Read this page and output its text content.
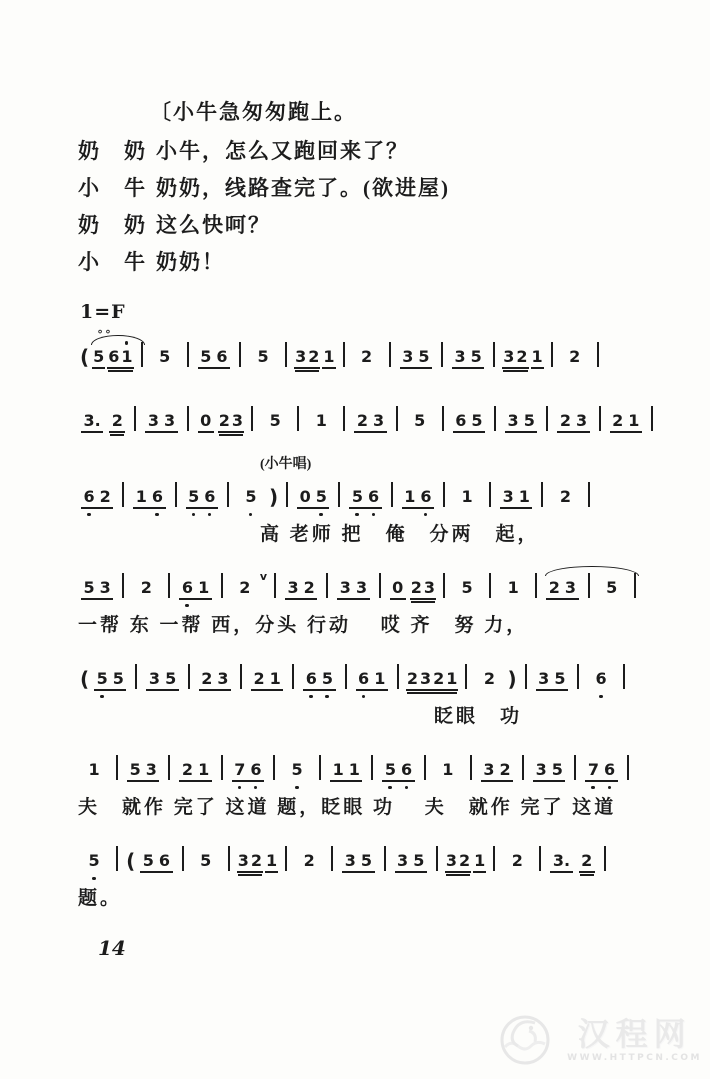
〔小牛急匆匆跑上。
奶　奶 小牛，怎么又跑回来了？
小　牛 奶奶，线路查完了。(欲进屋)
奶　奶 这么快呵？
小　牛 奶奶！
1=F
(
∘∘
5 6 1 5 5 6 5 3 2 1 2 3 5 3 5 3 2 1 2
3. 2 3 3 0 2 3 5 1 2 3 5 6 5 3 5 2 3 2 1
(小牛唱)
6 2 1 6 5 6 5 ) 0 5 5 6 1 6 1 3 1 2
高 老师 把　俺　分两　起，
5 3 2 6 1 2v3 2 3 3 0 2 3 5 1 2 3 5
一帮 东 一帮 西，分头 行动　 哎 齐　努 力，
( 5 5 3 5 2 3 2 1 6 5 6 1 2 3 2 1 2 ) 3 5 6
眨眼　功
1 5 3 2 1 7 6 5 1 1 5 6 1 3 2 3 5 7 6
夫　就作 完了 这道 题，眨眼 功　 夫　就作 完了 这道
5 ( 5 6 5 3 2 1 2 3 5 3 5 3 2 1 2 3. 2
题。
14
汉程网
WWW.HTTPCN.COM
